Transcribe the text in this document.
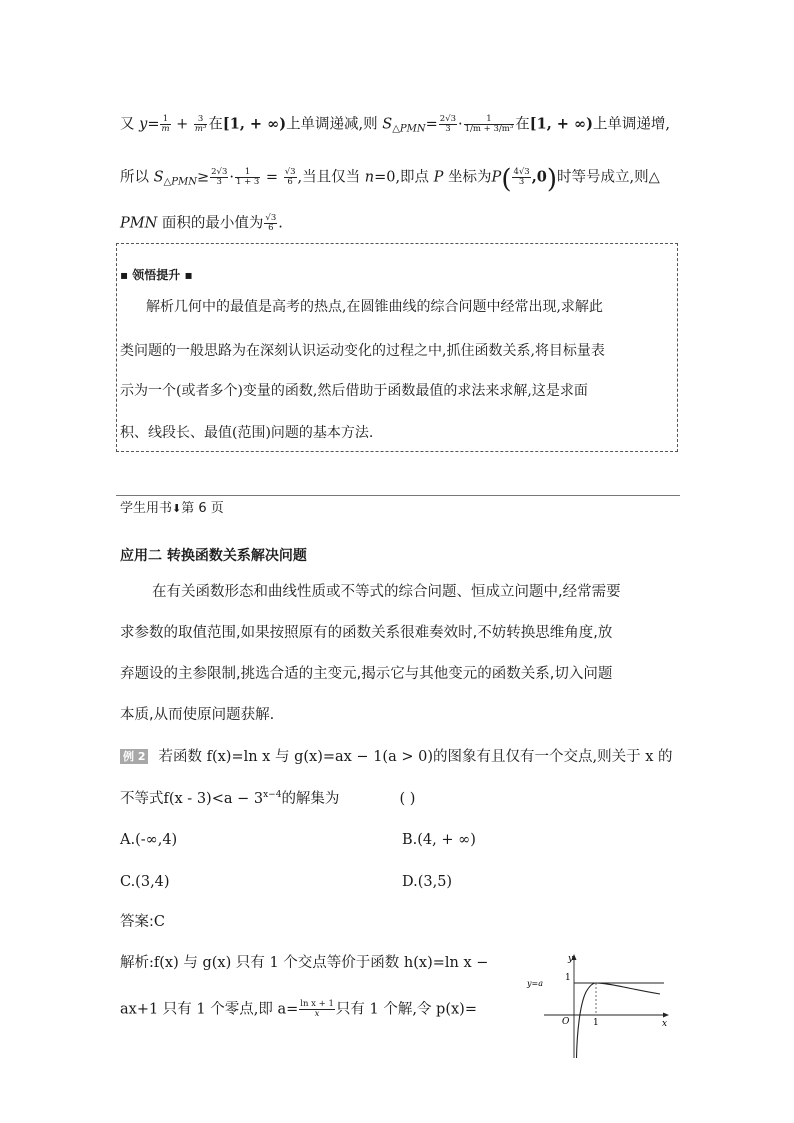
又 $y= \frac{1}{m} + \frac{3}{\text{m³}}$ 在[1, + ∞)上单调递减,则 $S_{\triangle PMN}= \frac{2√3}{3} \cdot \frac{1}{\text{1/m + 3/m³}}$ 在[1, + ∞)上单调递增,
所以 $S_{\triangle PMN}\ge \frac{2√3}{3} \cdot \frac{1}{1 + 3} = \frac{√3}{6}$ ,当且仅当 n=0,即点 P 坐标为$P( \frac{4√3}{3} ,0)$时等号成立,则△
PMN 面积的最小值为 $\frac{√3}{6}$ .
▪ 领悟提升 ▪
解析几何中的最值是高考的热点,在圆锥曲线的综合问题中经常出现,求解此
类问题的一般思路为在深刻认识运动变化的过程之中,抓住函数关系,将目标量表
示为一个(或者多个)变量的函数,然后借助于函数最值的求法来求解,这是求面
积、线段长、最值(范围)问题的基本方法.
学生用书⬇第 6 页
应用二 转换函数关系解决问题
在有关函数形态和曲线性质或不等式的综合问题、恒成立问题中,经常需要
求参数的取值范围,如果按照原有的函数关系很难奏效时,不妨转换思维角度,放
弃题设的主参限制,挑选合适的主变元,揭示它与其他变元的函数关系,切入问题
本质,从而使原问题获解.
例 2 若函数 f(x)=ln x 与 g(x)=ax − 1(a > 0)的图象有且仅有一个交点,则关于 x 的
不等式$f(x - 3)<a - 3^{x-4}$的解集为	( )
A.(-∞,4)	B.(4, + ∞)
C.(3,4)	D.(3,5)
答案:C
解析:f(x) 与 g(x) 只有 1 个交点等价于函数 h(x)=ln x −
ax+1 只有 1 个零点,即 $a= \frac{\text{ln x + 1}}{x}$ 只有 1 个解,令 p(x)=
y
x
O	1
1
y=a
